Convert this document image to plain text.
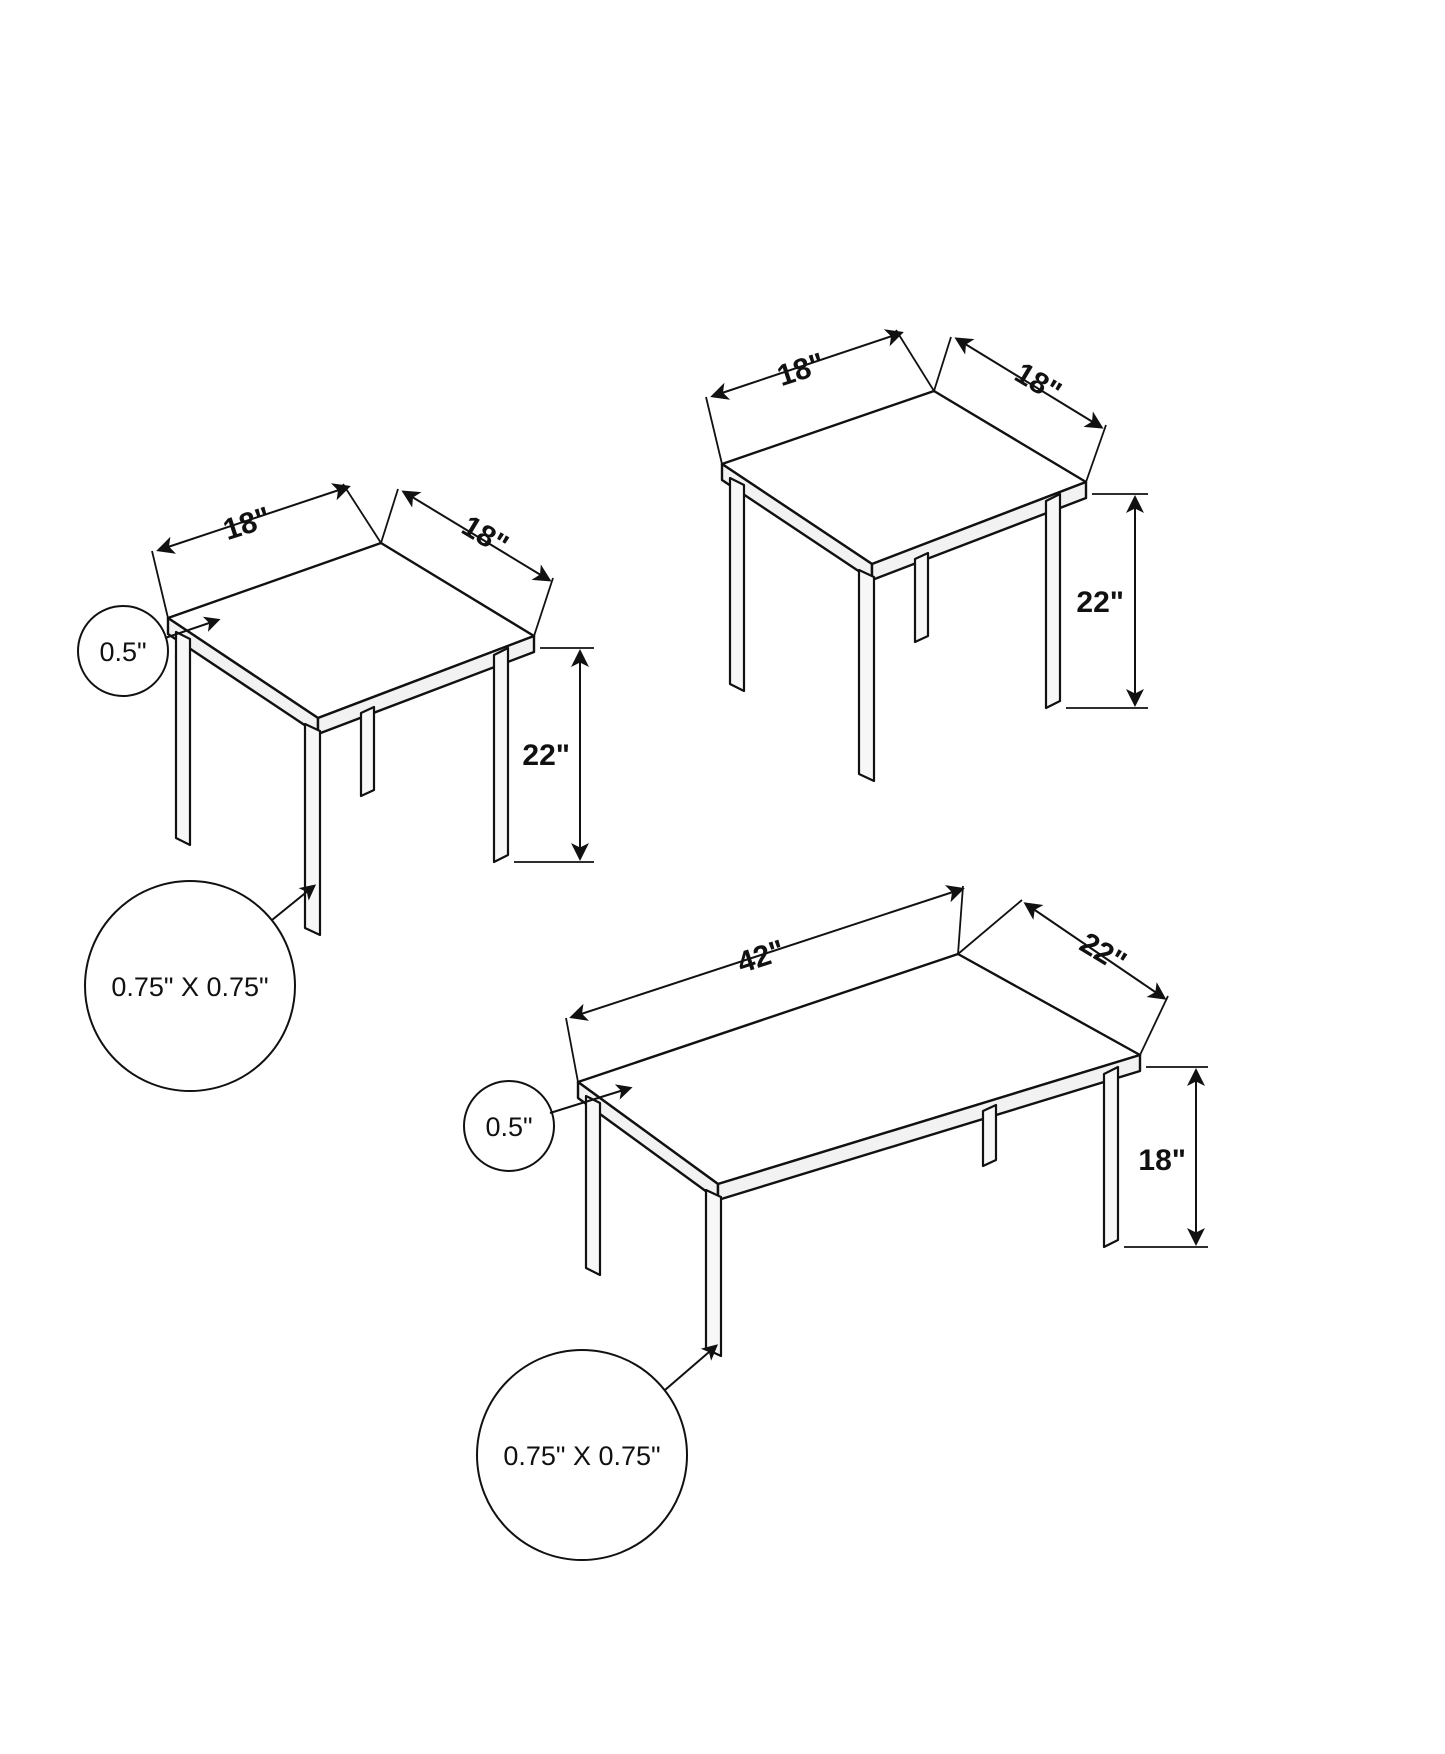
18"	18"
22"
0.5"
0.75" X 0.75"
18"	18"
22"
42"	22"
18"
0.5"
0.75" X 0.75"
